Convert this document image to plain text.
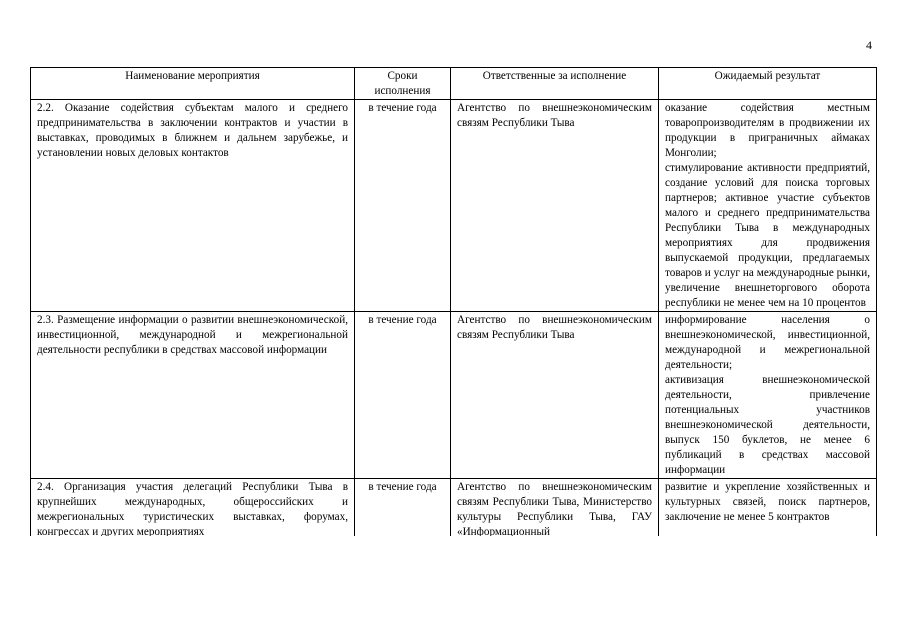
4
Наименование мероприятия	Сроки исполнения	Ответственные за исполнение	Ожидаемый результат
2.2. Оказание содействия субъектам малого и среднего предпринимательства в заключении контрактов и участии в выставках, проводимых в ближнем и дальнем зарубежье, и установлении новых деловых контактов	в течение года	Агентство по внешнеэкономическим связям Республики Тыва	оказание содействия местным товаропроизводителям в продвижении их продукции в приграничных аймаках Монголии;
стимулирование активности предприятий, создание условий для поиска торговых партнеров; активное участие субъектов малого и среднего предпринимательства Республики Тыва в международных мероприятиях для продвижения выпускаемой продукции, предлагаемых товаров и услуг на международные рынки, увеличение внешнеторгового оборота республики не менее чем на 10 процентов

2.3. Размещение информации о развитии внешнеэкономической, инвестиционной, международной и межрегиональной деятельности республики в средствах массовой информации	в течение года	Агентство по внешнеэкономическим связям Республики Тыва	информирование населения о внешнеэкономической, инвестиционной, международной и межрегиональной деятельности;
активизация внешнеэкономической деятельности, привлечение потенциальных участников внешнеэкономической деятельности, выпуск 150 буклетов, не менее 6 публикаций в средствах массовой информации

2.4. Организация участия делегаций Республики Тыва в крупнейших международных, общероссийских и межрегиональных туристических выставках, форумах, конгрессах и других мероприятиях	в течение года	Агентство по внешнеэкономическим связям Республики Тыва, Министерство культуры Республики Тыва, ГАУ «Информационный	развитие и укрепление хозяйственных и культурных связей, поиск партнеров, заключение не менее 5 контрактов
